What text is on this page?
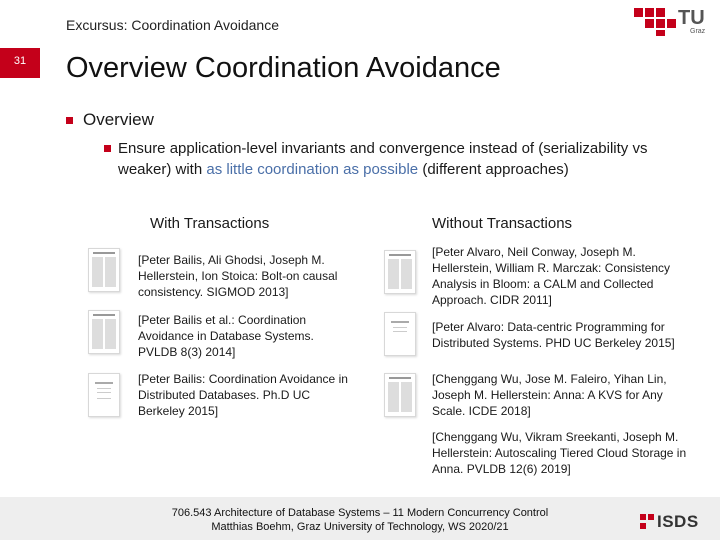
Excursus: Coordination Avoidance
31
TU
Graz
Overview Coordination Avoidance
Overview
Ensure application-level invariants and convergence instead of (serializability vs weaker) with as little coordination as possible (different approaches)
With Transactions	Without Transactions
[Peter Bailis, Ali Ghodsi, Joseph M. Hellerstein, Ion Stoica: Bolt-on causal consistency. SIGMOD 2013]
[Peter Bailis et al.: Coordination Avoidance in Database Systems. PVLDB 8(3) 2014]
[Peter Bailis: Coordination Avoidance in Distributed Databases. Ph.D UC Berkeley 2015]
[Peter Alvaro, Neil Conway, Joseph M. Hellerstein, William R. Marczak: Consistency Analysis in Bloom: a CALM and Collected Approach. CIDR 2011]
[Peter Alvaro: Data-centric Programming for Distributed Systems. PHD UC Berkeley 2015]
[Chenggang Wu, Jose M. Faleiro, Yihan Lin, Joseph M. Hellerstein: Anna: A KVS for Any Scale. ICDE 2018]
[Chenggang Wu, Vikram Sreekanti, Joseph M. Hellerstein: Autoscaling Tiered Cloud Storage in Anna. PVLDB 12(6) 2019]
706.543 Architecture of Database Systems – 11 Modern Concurrency Control
Matthias Boehm, Graz University of Technology, WS 2020/21	ISDS
